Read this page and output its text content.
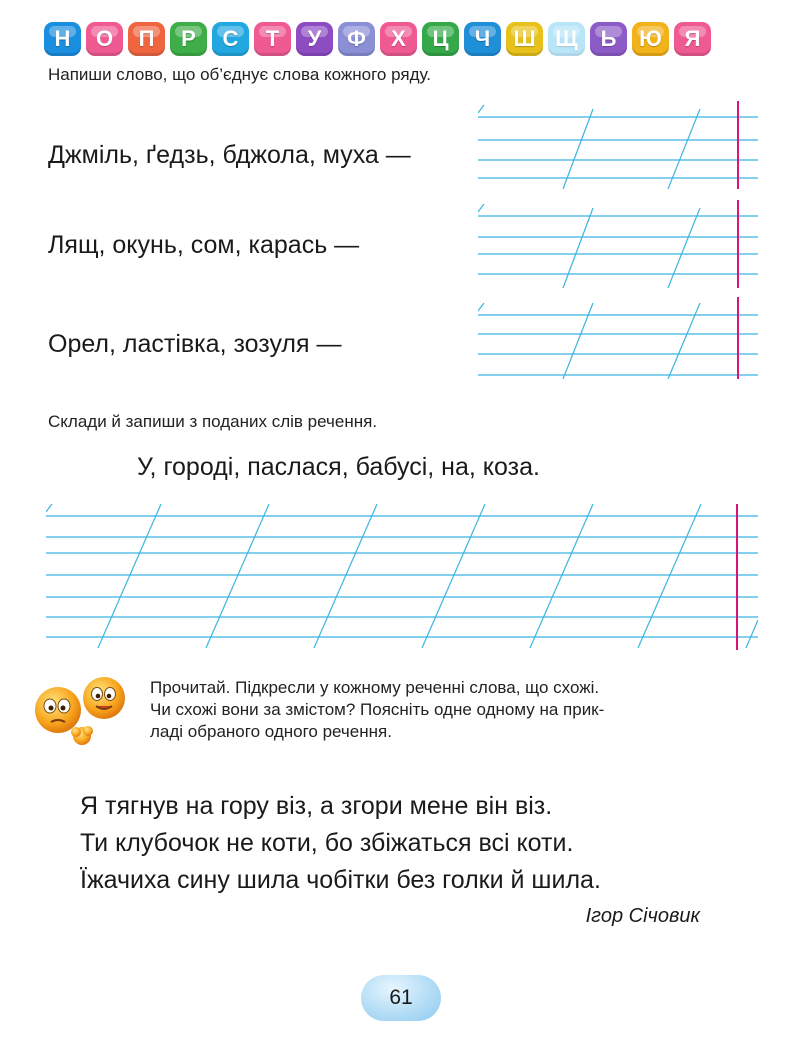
Н О П Р С Т У Ф Х Ц Ч Ш Щ Ь Ю Я
Напиши слово, що об’єднує слова кожного ряду.
Джміль, ґедзь, бджола, муха —
Лящ, окунь, сом, карась —
Орел, ластівка, зозуля —
Склади й запиши з поданих слів речення.
У, городі, паслася, бабусі, на, коза.
Прочитай. Підкресли у кожному реченні слова, що схожі.
Чи схожі вони за змістом? Поясніть одне одному на прик-
ладі обраного одного речення.
Я тягнув на гору віз, а згори мене він віз.
Ти клубочок не коти, бо збіжаться всі коти.
Їжачиха сину шила чобітки без голки й шила.
Ігор Січовик
61
